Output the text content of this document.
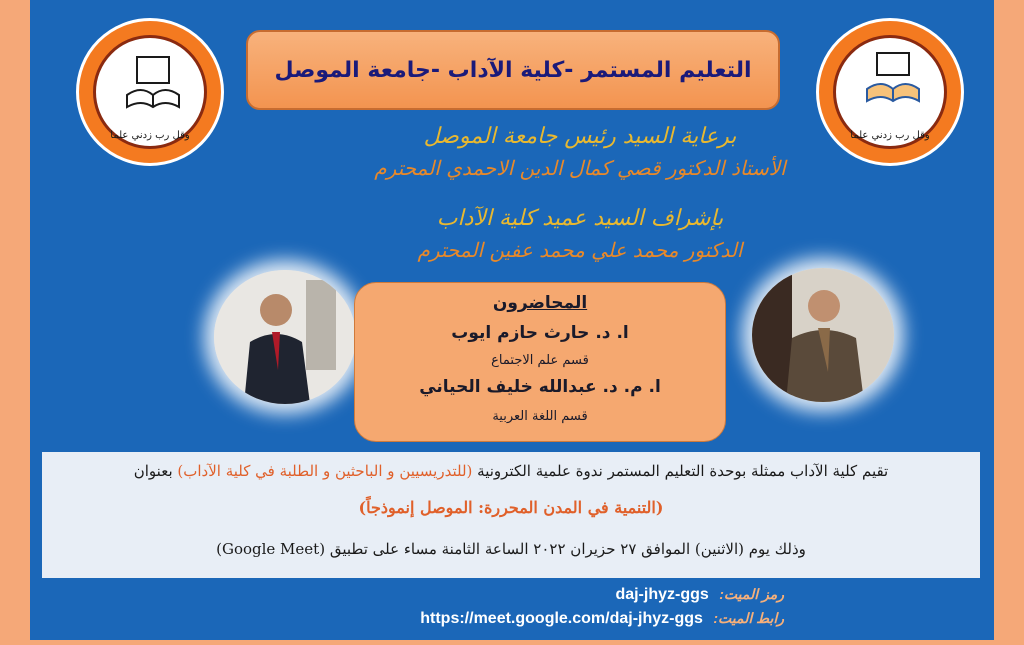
وقل رب زدني علما	وقل رب زدني علما
التعليم المستمر -كلية الآداب -جامعة الموصل
برعاية السيد رئيس جامعة الموصل
الأستاذ الدكتور قصي كمال الدين الاحمدي المحترم
بإشراف السيد عميد كلية الآداب
الدكتور محمد علي محمد عفين المحترم
المحاضرون
ا. د. حارث حازم ايوب
قسم علم الاجتماع
ا. م. د. عبدالله خليف الحياني
قسم اللغة العربية
تقيم كلية الآداب ممثلة بوحدة التعليم المستمر ندوة علمية الكترونية (للتدريسيين و الباحثين و الطلبة في كلية الآداب) بعنوان
(التنمية في المدن المحررة: الموصل إنموذجاً)
وذلك يوم (الاثنين) الموافق ٢٧ حزيران ٢٠٢٢ الساعة الثامنة مساء على تطبيق (Google Meet)
رمز الميت: daj-jhyz-ggs
رابط الميت: https://meet.google.com/daj-jhyz-ggs
